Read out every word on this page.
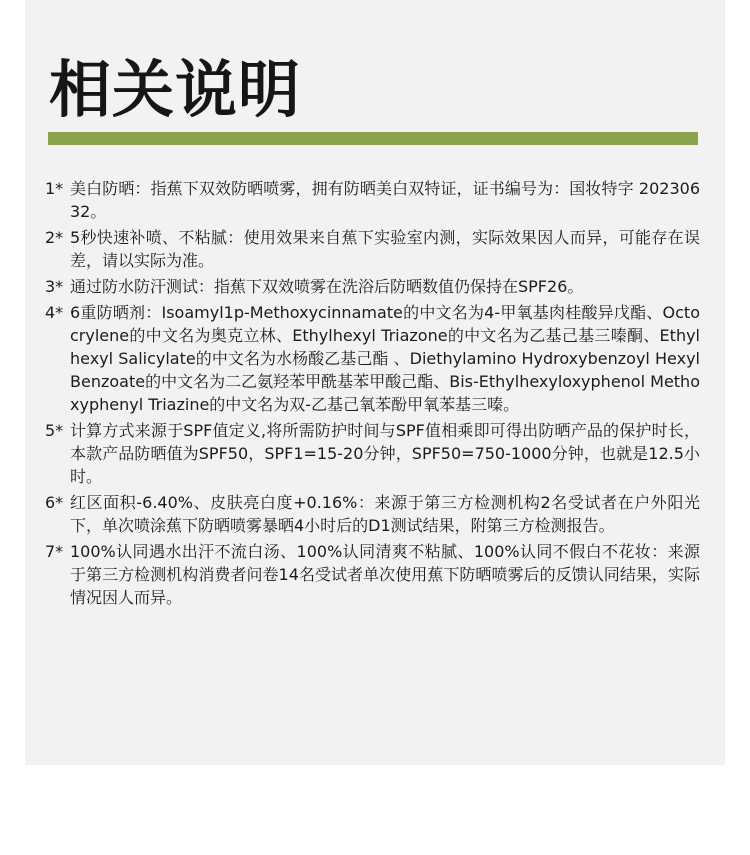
相关说明
1* 美白防晒：指蕉下双效防晒喷雾，拥有防晒美白双特证，证书编号为：国妆特字 20230632。
2* 5秒快速补喷、不粘腻：使用效果来自蕉下实验室内测，实际效果因人而异，可能存在误差，请以实际为准。
3* 通过防水防汗测试：指蕉下双效喷雾在洗浴后防晒数值仍保持在SPF26。
4* 6重防晒剂：Isoamyl1p-Methoxycinnamate的中文名为4-甲氧基肉桂酸异戊酯、Octocrylene的中文名为奥克立林、Ethylhexyl Triazone的中文名为乙基己基三嗪酮、Ethylhexyl Salicylate的中文名为水杨酸乙基己酯 、Diethylamino Hydroxybenzoyl Hexyl Benzoate的中文名为二乙氨羟苯甲酰基苯甲酸己酯、Bis-Ethylhexyloxyphenol Methoxyphenyl Triazine的中文名为双-乙基己氧苯酚甲氧苯基三嗪。
5* 计算方式来源于SPF值定义,将所需防护时间与SPF值相乘即可得出防晒产品的保护时长，本款产品防晒值为SPF50，SPF1=15-20分钟，SPF50=750-1000分钟，也就是12.5小时。
6* 红区面积-6.40%、皮肤亮白度+0.16%：来源于第三方检测机构2名受试者在户外阳光下，单次喷涂蕉下防晒喷雾暴晒4小时后的D1测试结果，附第三方检测报告。
7* 100%认同遇水出汗不流白汤、100%认同清爽不粘腻、100%认同不假白不花妆：来源于第三方检测机构消费者问卷14名受试者单次使用蕉下防晒喷雾后的反馈认同结果，实际情况因人而异。
